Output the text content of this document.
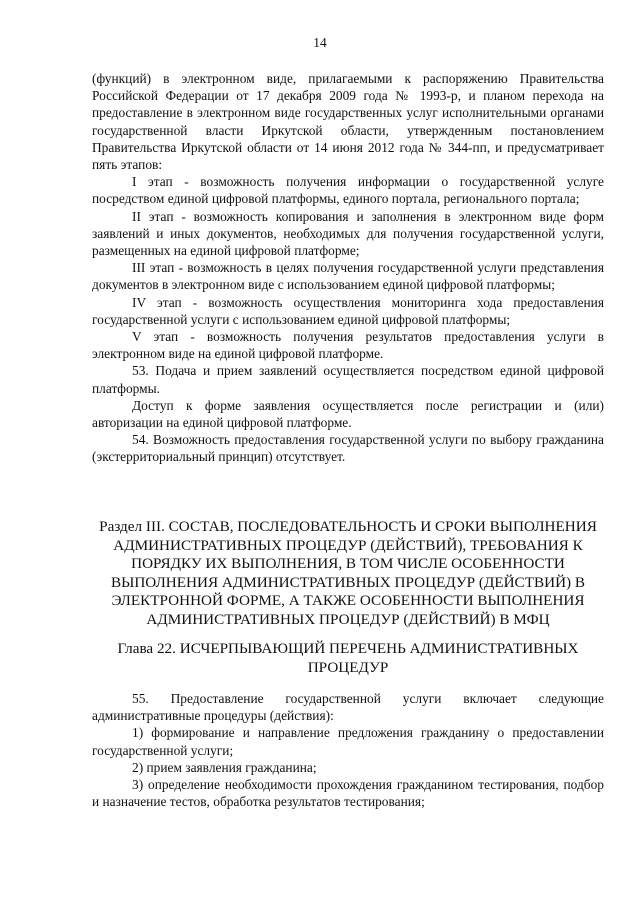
14

(функций) в электронном виде, прилагаемыми к распоряжению Правительства Российской Федерации от 17 декабря 2009 года № 1993-р, и планом перехода на предоставление в электронном виде государственных услуг исполнительными органами государственной власти Иркутской области, утвержденным постановлением Правительства Иркутской области от 14 июня 2012 года № 344-пп, и предусматривает пять этапов:

I этап - возможность получения информации о государственной услуге посредством единой цифровой платформы, единого портала, регионального портала;

II этап - возможность копирования и заполнения в электронном виде форм заявлений и иных документов, необходимых для получения государственной услуги, размещенных на единой цифровой платформе;

III этап - возможность в целях получения государственной услуги представления документов в электронном виде с использованием единой цифровой платформы;

IV этап - возможность осуществления мониторинга хода предоставления государственной услуги с использованием единой цифровой платформы;

V этап - возможность получения результатов предоставления услуги в электронном виде на единой цифровой платформе.

53. Подача и прием заявлений осуществляется посредством единой цифровой платформы.

Доступ к форме заявления осуществляется после регистрации и (или) авторизации на единой цифровой платформе.

54. Возможность предоставления государственной услуги по выбору гражданина (экстерриториальный принцип) отсутствует.

Раздел III. СОСТАВ, ПОСЛЕДОВАТЕЛЬНОСТЬ И СРОКИ ВЫПОЛНЕНИЯ АДМИНИСТРАТИВНЫХ ПРОЦЕДУР (ДЕЙСТВИЙ), ТРЕБОВАНИЯ К ПОРЯДКУ ИХ ВЫПОЛНЕНИЯ, В ТОМ ЧИСЛЕ ОСОБЕННОСТИ ВЫПОЛНЕНИЯ АДМИНИСТРАТИВНЫХ ПРОЦЕДУР (ДЕЙСТВИЙ) В ЭЛЕКТРОННОЙ ФОРМЕ, А ТАКЖЕ ОСОБЕННОСТИ ВЫПОЛНЕНИЯ АДМИНИСТРАТИВНЫХ ПРОЦЕДУР (ДЕЙСТВИЙ) В МФЦ

Глава 22. ИСЧЕРПЫВАЮЩИЙ ПЕРЕЧЕНЬ АДМИНИСТРАТИВНЫХ ПРОЦЕДУР

55. Предоставление государственной услуги включает следующие административные процедуры (действия):

1) формирование и направление предложения гражданину о предоставлении государственной услуги;

2) прием заявления гражданина;

3) определение необходимости прохождения гражданином тестирования, подбор и назначение тестов, обработка результатов тестирования;
